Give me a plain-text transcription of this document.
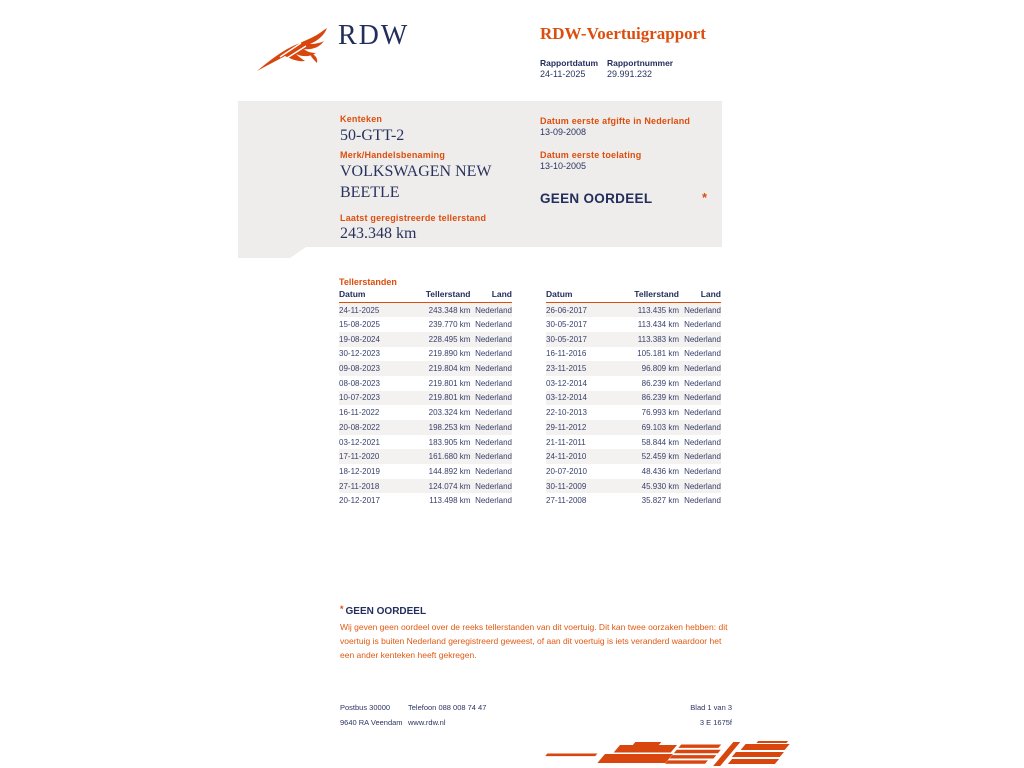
RDW	RDW-Voertuigrapport
Rapportdatum
24-11-2025
Rapportnummer
29.991.232
Kenteken
50-GTT-2
Merk/Handelsbenaming
VOLKSWAGEN NEW BEETLE
Laatst geregistreerde tellerstand
243.348 km
Datum eerste afgifte in Nederland
13-09-2008
Datum eerste toelating
13-10-2005
GEEN OORDEEL	*
Tellerstanden
Datum	Tellerstand	Land
24-11-2025	243.348 km	Nederland
15-08-2025	239.770 km	Nederland
19-08-2024	228.495 km	Nederland
30-12-2023	219.890 km	Nederland
09-08-2023	219.804 km	Nederland
08-08-2023	219.801 km	Nederland
10-07-2023	219.801 km	Nederland
16-11-2022	203.324 km	Nederland
20-08-2022	198.253 km	Nederland
03-12-2021	183.905 km	Nederland
17-11-2020	161.680 km	Nederland
18-12-2019	144.892 km	Nederland
27-11-2018	124.074 km	Nederland
20-12-2017	113.498 km	Nederland
Datum	Tellerstand	Land
26-06-2017	113.435 km	Nederland
30-05-2017	113.434 km	Nederland
30-05-2017	113.383 km	Nederland
16-11-2016	105.181 km	Nederland
23-11-2015	96.809 km	Nederland
03-12-2014	86.239 km	Nederland
03-12-2014	86.239 km	Nederland
22-10-2013	76.993 km	Nederland
29-11-2012	69.103 km	Nederland
21-11-2011	58.844 km	Nederland
24-11-2010	52.459 km	Nederland
20-07-2010	48.436 km	Nederland
30-11-2009	45.930 km	Nederland
27-11-2008	35.827 km	Nederland
* GEEN OORDEEL

Wij geven geen oordeel over de reeks tellerstanden van dit voertuig. Dit kan twee oorzaken hebben: dit voertuig is buiten Nederland geregistreerd geweest, of aan dit voertuig is iets veranderd waardoor het een ander kenteken heeft gekregen.

Postbus 30000
9640 RA Veendam
Telefoon 088 008 74 47
www.rdw.nl
Blad 1 van 3
3 E 1675f
